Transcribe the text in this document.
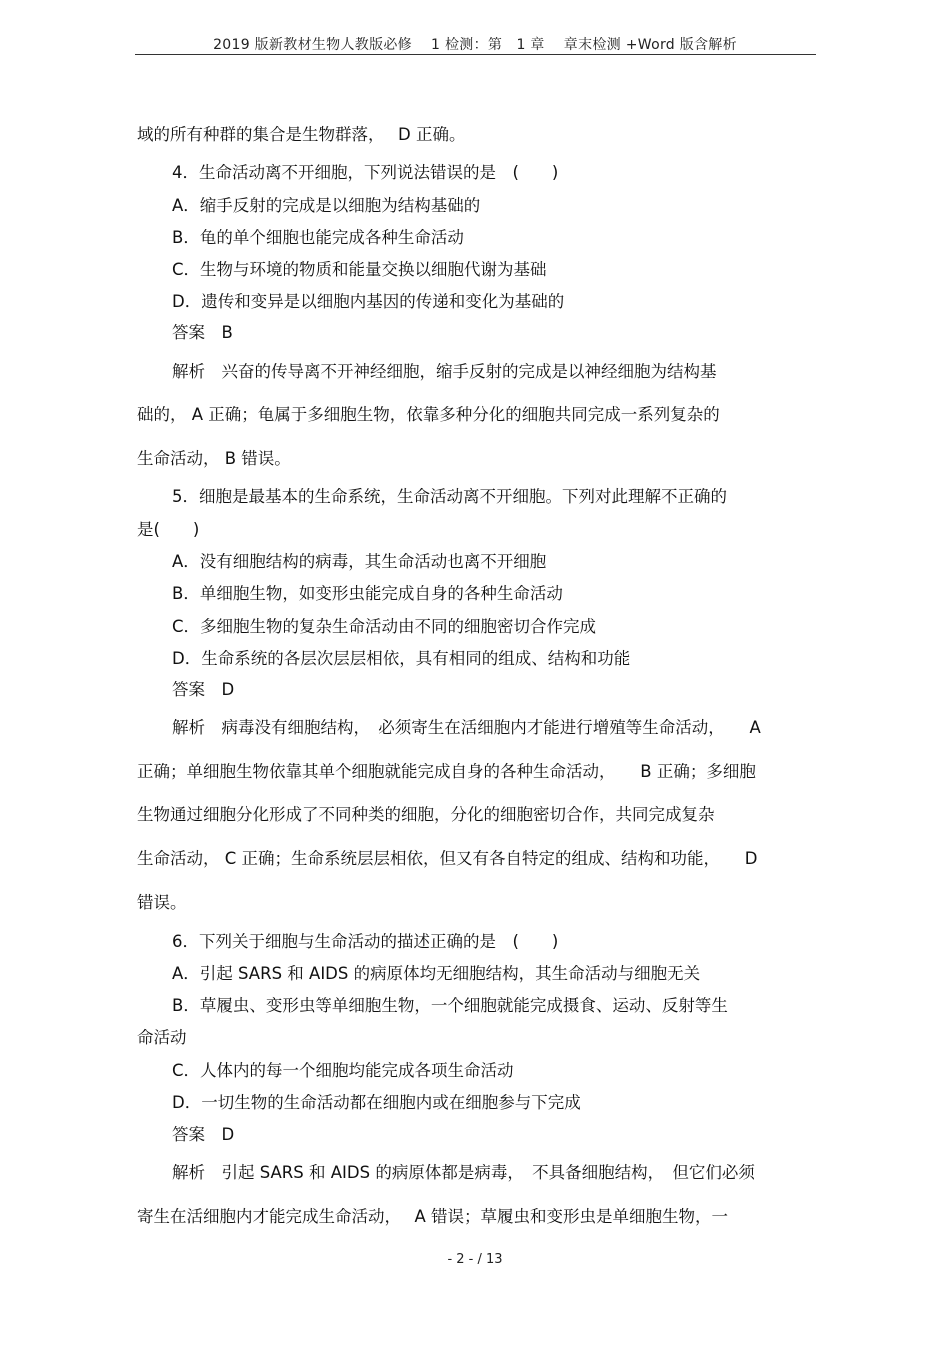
2019 版新教材生物人教版必修　 1 检测：第　1 章　 章末检测 +Word 版含解析
域的所有种群的集合是生物群落，　 D 正确。
4．生命活动离不开细胞，下列说法错误的是　(　　)
A．缩手反射的完成是以细胞为结构基础的
B．龟的单个细胞也能完成各种生命活动
C．生物与环境的物质和能量交换以细胞代谢为基础
D．遗传和变异是以细胞内基因的传递和变化为基础的
答案　B
解析　兴奋的传导离不开神经细胞，缩手反射的完成是以神经细胞为结构基
础的， A 正确；龟属于多细胞生物，依靠多种分化的细胞共同完成一系列复杂的
生命活动， B 错误。
5．细胞是最基本的生命系统，生命活动离不开细胞。下列对此理解不正确的
是(　　)
A．没有细胞结构的病毒，其生命活动也离不开细胞
B．单细胞生物，如变形虫能完成自身的各种生命活动
C．多细胞生物的复杂生命活动由不同的细胞密切合作完成
D．生命系统的各层次层层相依，具有相同的组成、结构和功能
答案　D
解析　病毒没有细胞结构，　必须寄生在活细胞内才能进行增殖等生命活动，　　A
正确；单细胞生物依靠其单个细胞就能完成自身的各种生命活动，　　B 正确；多细胞
生物通过细胞分化形成了不同种类的细胞，分化的细胞密切合作，共同完成复杂
生命活动， C 正确；生命系统层层相依，但又有各自特定的组成、结构和功能，　　D
错误。
6．下列关于细胞与生命活动的描述正确的是　(　　)
A．引起 SARS 和 AIDS 的病原体均无细胞结构，其生命活动与细胞无关
B．草履虫、变形虫等单细胞生物，一个细胞就能完成摄食、运动、反射等生
命活动
C．人体内的每一个细胞均能完成各项生命活动
D．一切生物的生命活动都在细胞内或在细胞参与下完成
答案　D
解析　引起 SARS 和 AIDS 的病原体都是病毒，　不具备细胞结构，　但它们必须
寄生在活细胞内才能完成生命活动，　 A 错误；草履虫和变形虫是单细胞生物，一
- 2 - / 13
